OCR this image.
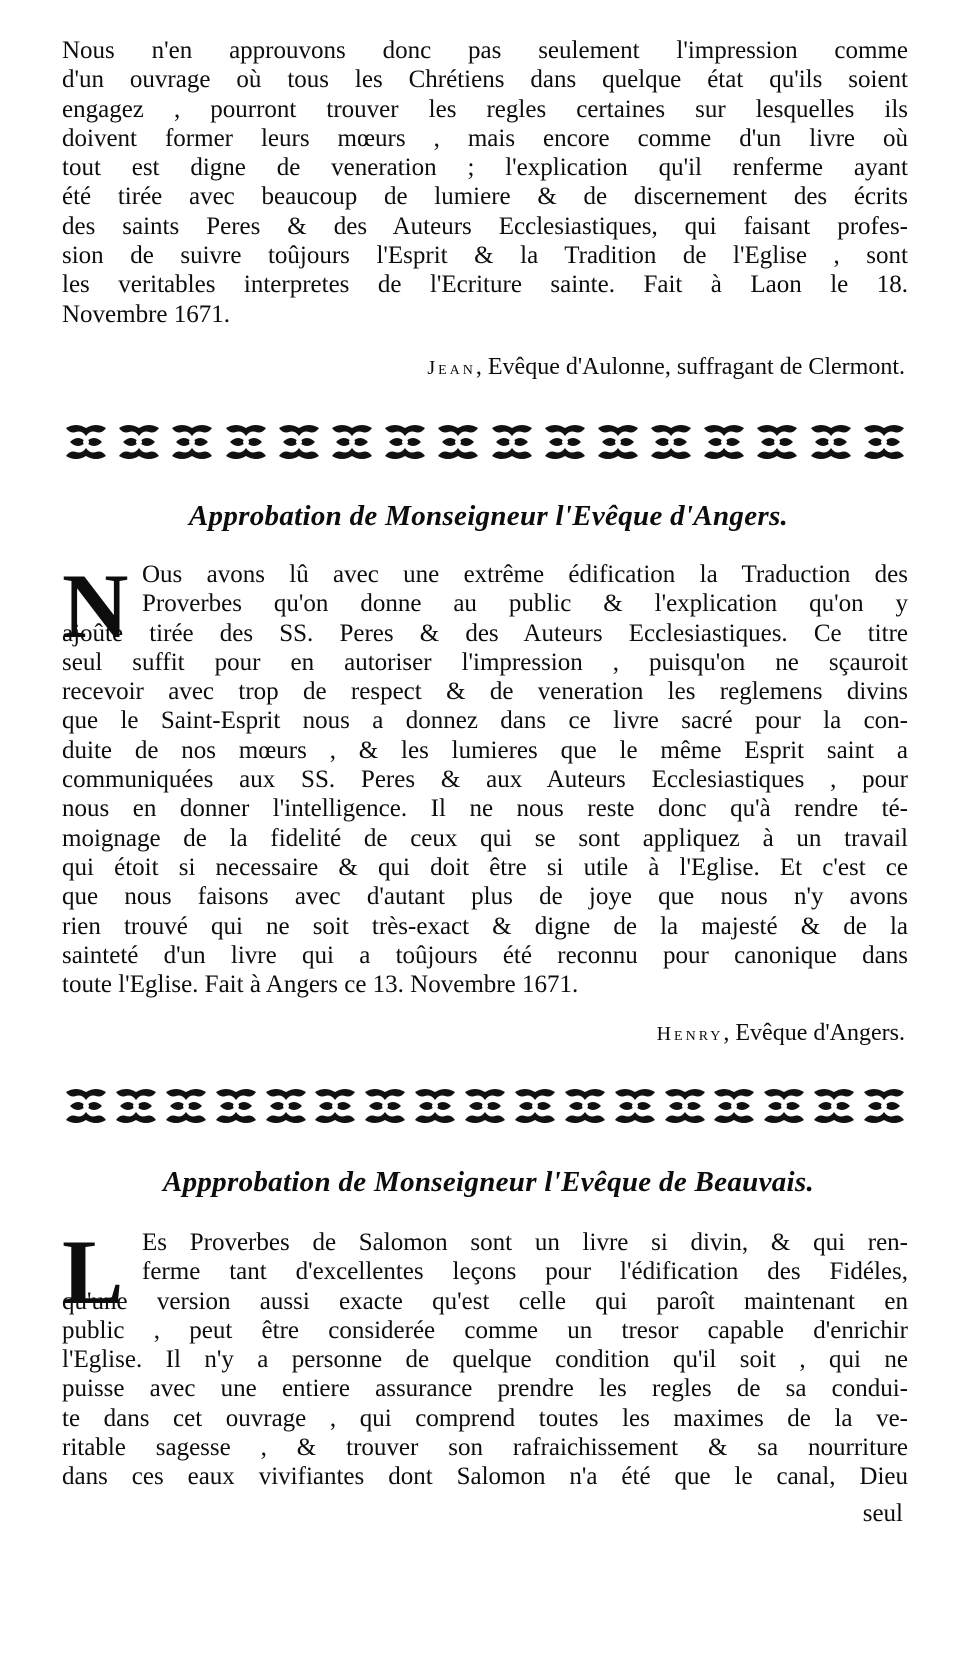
Nous n'en approuvons donc pas seulement l'impression comme
d'un ouvrage où tous les Chrétiens dans quelque état qu'ils soient
engagez , pourront trouver les regles certaines sur lesquelles ils
doivent former leurs mœurs , mais encore comme d'un livre où
tout est digne de veneration ; l'explication qu'il renferme ayant
été tirée avec beaucoup de lumiere & de discernement des écrits
des saints Peres & des Auteurs Ecclesiastiques, qui faisant profes-
sion de suivre toûjours l'Esprit & la Tradition de l'Eglise , sont
les veritables interpretes de l'Ecriture sainte. Fait à Laon le 18.
Novembre 1671.
Jean, Evêque d'Aulonne, suffragant de Clermont.
Approbation de Monseigneur l'Evêque d'Angers.
N Ous avons lû avec une extrême édification la Traduction des
Proverbes qu'on donne au public & l'explication qu'on y
ajoûte tirée des SS. Peres & des Auteurs Ecclesiastiques. Ce titre
seul suffit pour en autoriser l'impression , puisqu'on ne sçauroit
recevoir avec trop de respect & de veneration les reglemens divins
que le Saint-Esprit nous a donnez dans ce livre sacré pour la con-
duite de nos mœurs , & les lumieres que le même Esprit saint a
communiquées aux SS. Peres & aux Auteurs Ecclesiastiques , pour
nous en donner l'intelligence. Il ne nous reste donc qu'à rendre té-
moignage de la fidelité de ceux qui se sont appliquez à un travail
qui étoit si necessaire & qui doit être si utile à l'Eglise. Et c'est ce
que nous faisons avec d'autant plus de joye que nous n'y avons
rien trouvé qui ne soit très-exact & digne de la majesté & de la
sainteté d'un livre qui a toûjours été reconnu pour canonique dans
toute l'Eglise. Fait à Angers ce 13. Novembre 1671.
Henry, Evêque d'Angers.
Appprobation de Monseigneur l'Evêque de Beauvais.
L Es Proverbes de Salomon sont un livre si divin, & qui ren-
ferme tant d'excellentes leçons pour l'édification des Fidéles,
qu'une version aussi exacte qu'est celle qui paroît maintenant en
public , peut être considerée comme un tresor capable d'enrichir
l'Eglise. Il n'y a personne de quelque condition qu'il soit , qui ne
puisse avec une entiere assurance prendre les regles de sa condui-
te dans cet ouvrage , qui comprend toutes les maximes de la ve-
ritable sagesse , & trouver son rafraichissement & sa nourriture
dans ces eaux vivifiantes dont Salomon n'a été que le canal, Dieu
seul
